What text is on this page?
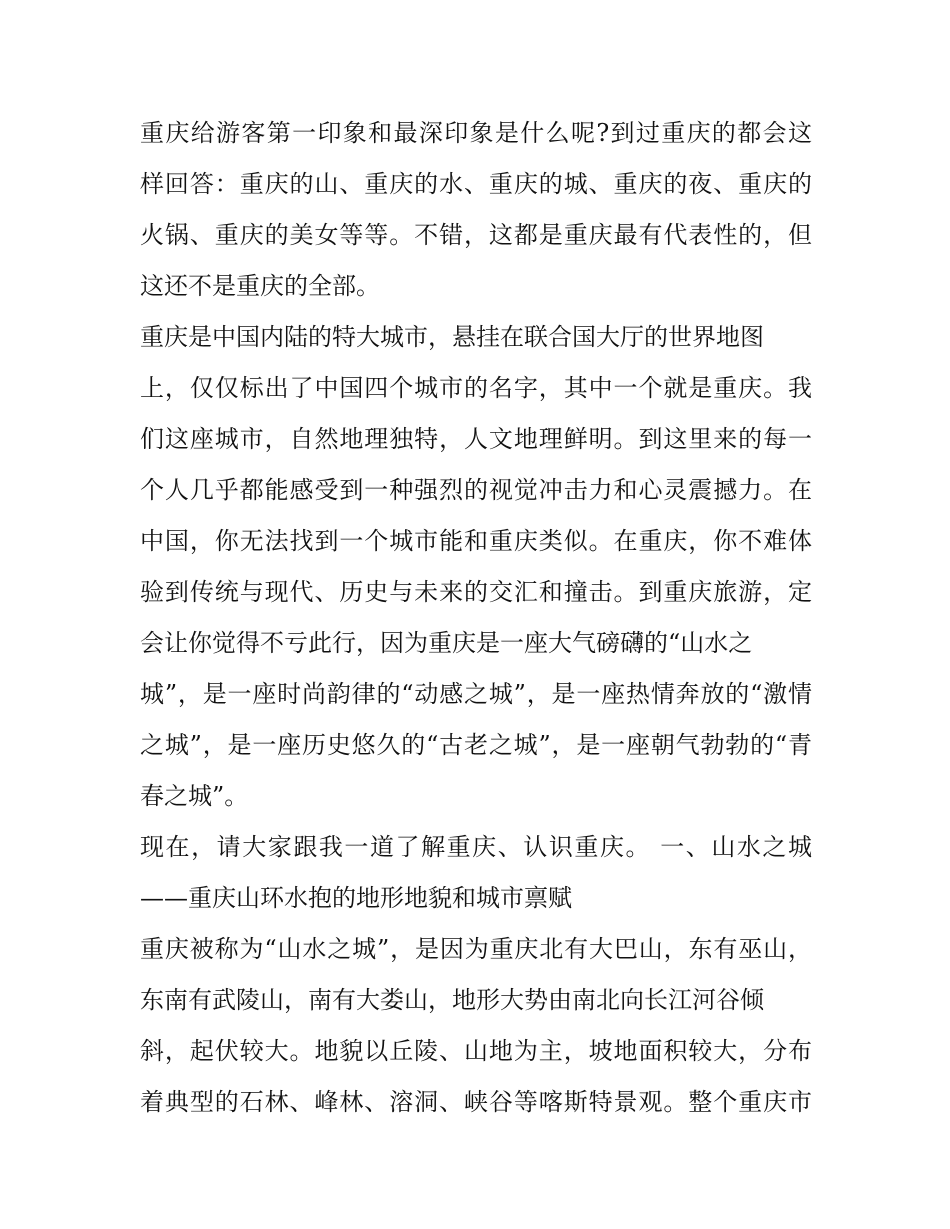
重庆给游客第一印象和最深印象是什么呢?到过重庆的都会这
样回答：重庆的山、重庆的水、重庆的城、重庆的夜、重庆的
火锅、重庆的美女等等。不错，这都是重庆最有代表性的，但
这还不是重庆的全部。
重庆是中国内陆的特大城市，悬挂在联合国大厅的世界地图
上，仅仅标出了中国四个城市的名字，其中一个就是重庆。我
们这座城市，自然地理独特，人文地理鲜明。到这里来的每一
个人几乎都能感受到一种强烈的视觉冲击力和心灵震撼力。在
中国，你无法找到一个城市能和重庆类似。在重庆，你不难体
验到传统与现代、历史与未来的交汇和撞击。到重庆旅游，定
会让你觉得不亏此行，因为重庆是一座大气磅礴的“山水之
城”，是一座时尚韵律的“动感之城”，是一座热情奔放的“激情
之城”，是一座历史悠久的“古老之城”，是一座朝气勃勃的“青
春之城”。
现在，请大家跟我一道了解重庆、认识重庆。 一、山水之城
——重庆山环水抱的地形地貌和城市禀赋
重庆被称为“山水之城”，是因为重庆北有大巴山，东有巫山，
东南有武陵山，南有大娄山，地形大势由南北向长江河谷倾
斜，起伏较大。地貌以丘陵、山地为主，坡地面积较大，分布
着典型的石林、峰林、溶洞、峡谷等喀斯特景观。整个重庆市
